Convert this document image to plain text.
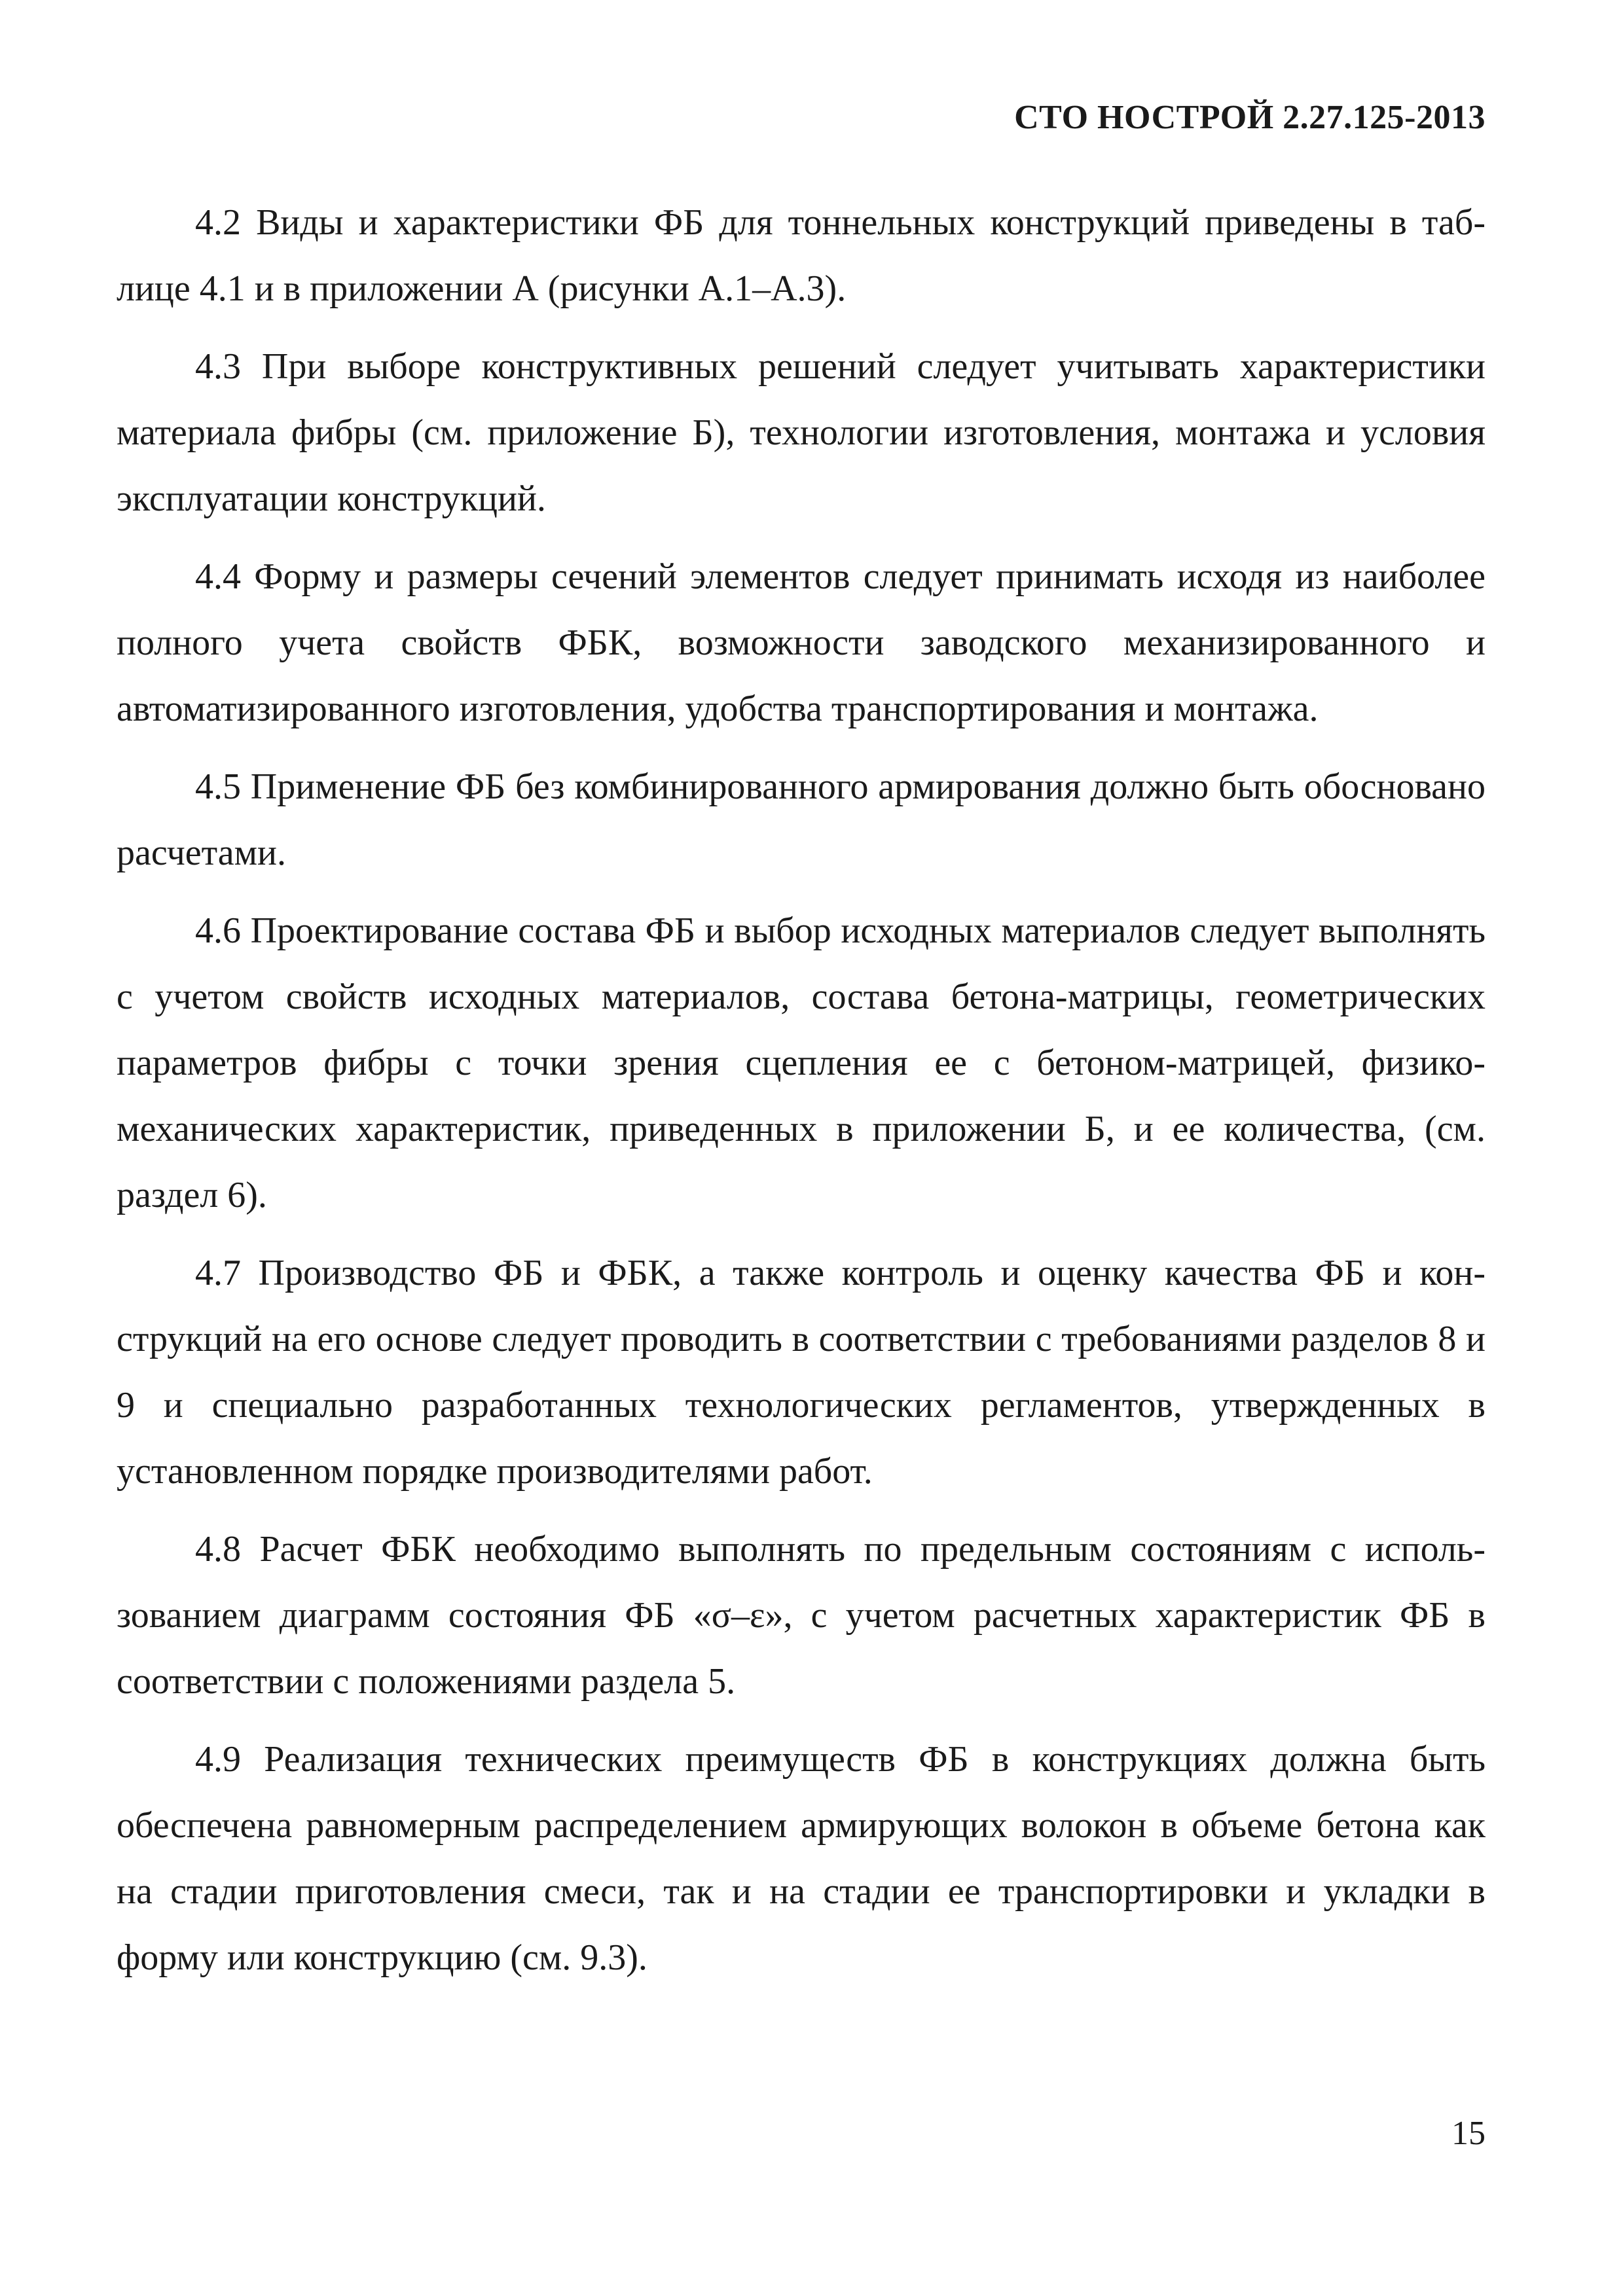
СТО НОСТРОЙ 2.27.125-2013

4.2 Виды и характеристики ФБ для тоннельных конструкций приведены в таблице 4.1 и в приложении А (рисунки А.1–А.3).

4.3 При выборе конструктивных решений следует учитывать характеристики материала фибры (см. приложение Б), технологии изготовления, монтажа и условия эксплуатации конструкций.

4.4 Форму и размеры сечений элементов следует принимать исходя из наиболее полного учета свойств ФБК, возможности заводского механизированного и автоматизированного изготовления, удобства транспортирования и монтажа.

4.5 Применение ФБ без комбинированного армирования должно быть обосновано расчетами.

4.6 Проектирование состава ФБ и выбор исходных материалов следует выполнять с учетом свойств исходных материалов, состава бетона-матрицы, геометрических параметров фибры с точки зрения сцепления ее с бетоном-матрицей, физико-механических характеристик, приведенных в приложении Б, и ее количества, (см. раздел 6).

4.7 Производство ФБ и ФБК, а также контроль и оценку качества ФБ и конструкций на его основе следует проводить в соответствии с требованиями разделов 8 и 9 и специально разработанных технологических регламентов, утвержденных в установленном порядке производителями работ.

4.8 Расчет ФБК необходимо выполнять по предельным состояниям с использованием диаграмм состояния ФБ «σ–ε», с учетом расчетных характеристик ФБ в соответствии с положениями раздела 5.

4.9 Реализация технических преимуществ ФБ в конструкциях должна быть обеспечена равномерным распределением армирующих волокон в объеме бетона как на стадии приготовления смеси, так и на стадии ее транспортировки и укладки в форму или конструкцию (см. 9.3).

15
